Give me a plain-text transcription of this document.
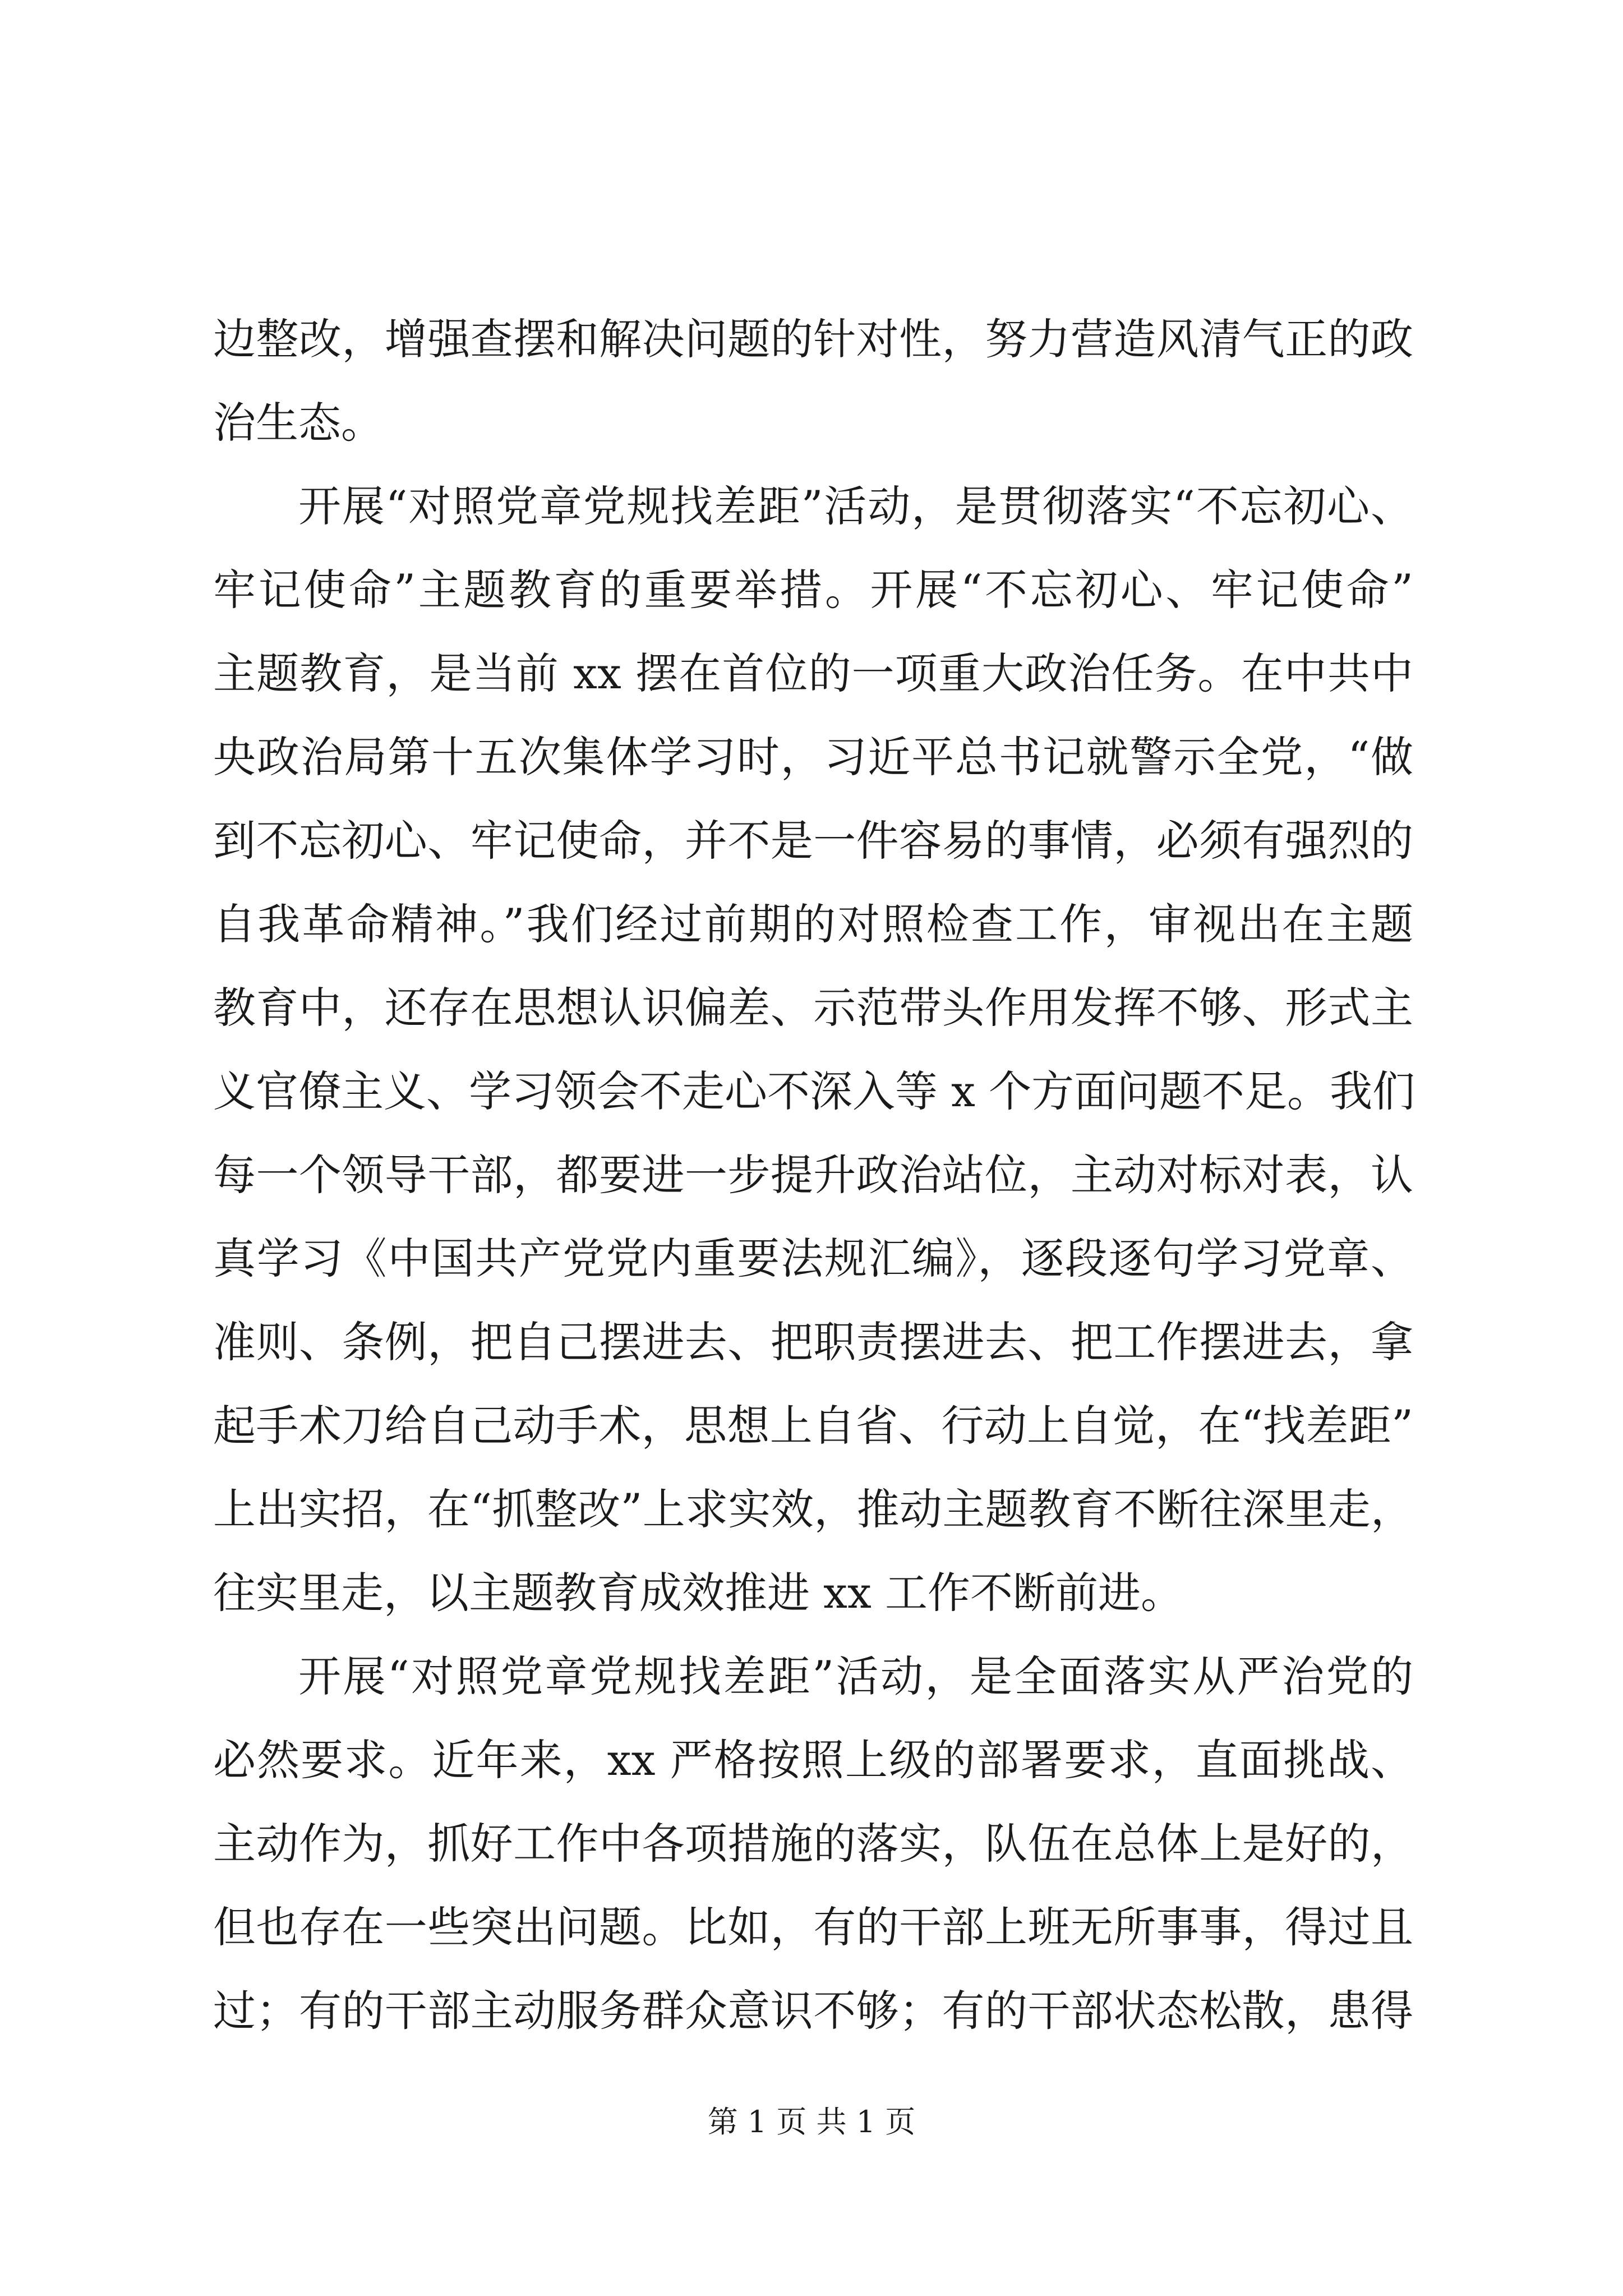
边整改，增强查摆和解决问题的针对性，努力营造风清气正的政
治生态。
开展“对照党章党规找差距”活动，是贯彻落实“不忘初心、
牢记使命”主题教育的重要举措。开展“不忘初心、牢记使命”
主题教育，是当前 xx 摆在首位的一项重大政治任务。在中共中
央政治局第十五次集体学习时，习近平总书记就警示全党，“做
到不忘初心、牢记使命，并不是一件容易的事情，必须有强烈的
自我革命精神。”我们经过前期的对照检查工作，审视出在主题
教育中，还存在思想认识偏差、示范带头作用发挥不够、形式主
义官僚主义、学习领会不走心不深入等 x 个方面问题不足。我们
每一个领导干部，都要进一步提升政治站位，主动对标对表，认
真学习《中国共产党党内重要法规汇编》，逐段逐句学习党章、
准则、条例，把自己摆进去、把职责摆进去、把工作摆进去，拿
起手术刀给自己动手术，思想上自省、行动上自觉，在“找差距”
上出实招，在“抓整改”上求实效，推动主题教育不断往深里走，
往实里走，以主题教育成效推进 xx 工作不断前进。
开展“对照党章党规找差距”活动，是全面落实从严治党的
必然要求。近年来，xx 严格按照上级的部署要求，直面挑战、
主动作为，抓好工作中各项措施的落实，队伍在总体上是好的，
但也存在一些突出问题。比如，有的干部上班无所事事，得过且
过；有的干部主动服务群众意识不够；有的干部状态松散，患得
第 1 页 共 1 页
